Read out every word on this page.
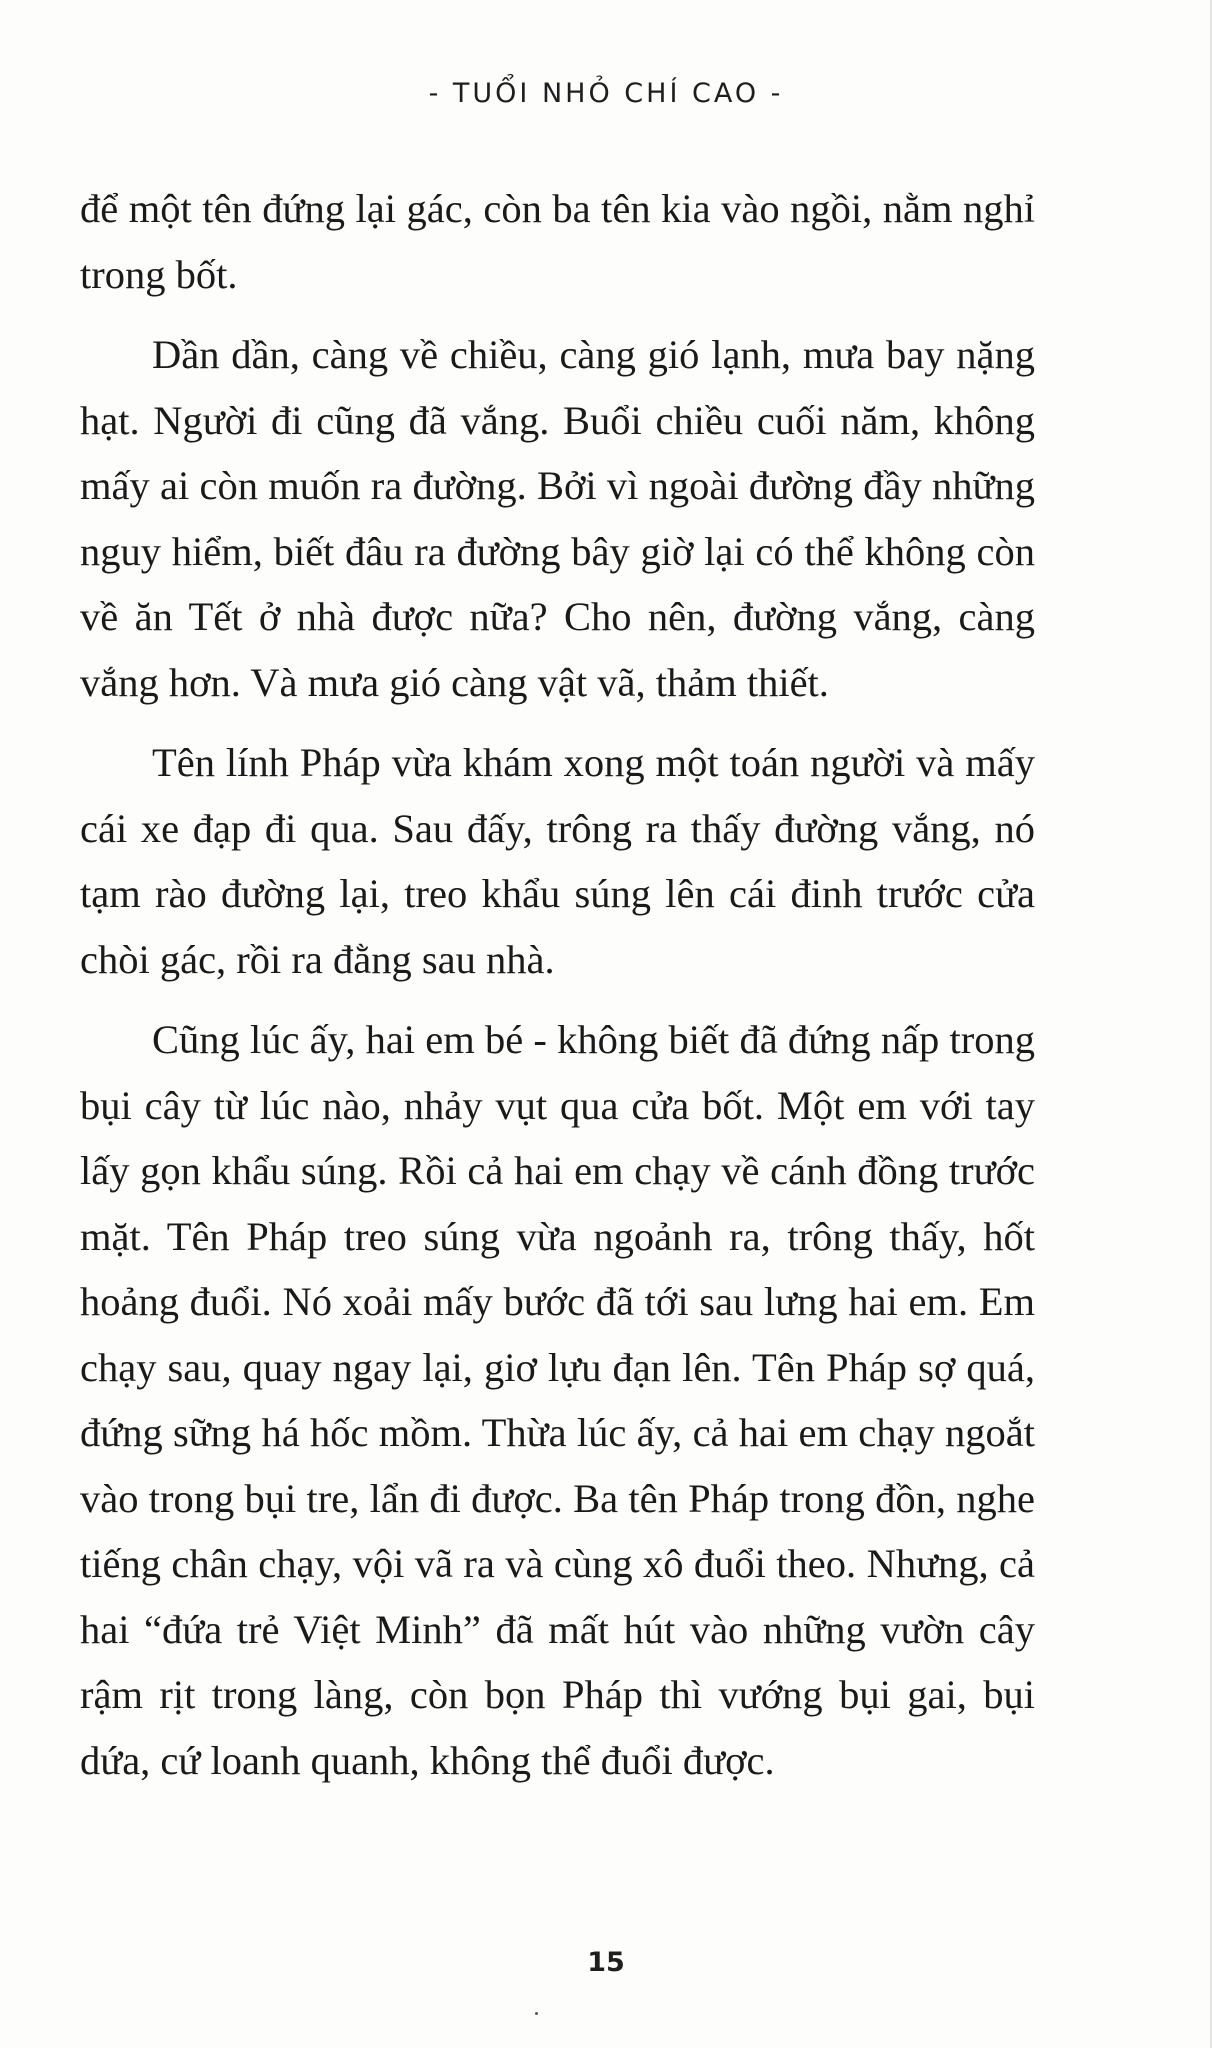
- TUỔI NHỎ CHÍ CAO -

để một tên đứng lại gác, còn ba tên kia vào ngồi, nằm nghỉ trong bốt.

Dần dần, càng về chiều, càng gió lạnh, mưa bay nặng hạt. Người đi cũng đã vắng. Buổi chiều cuối năm, không mấy ai còn muốn ra đường. Bởi vì ngoài đường đầy những nguy hiểm, biết đâu ra đường bây giờ lại có thể không còn về ăn Tết ở nhà được nữa? Cho nên, đường vắng, càng vắng hơn. Và mưa gió càng vật vã, thảm thiết.

Tên lính Pháp vừa khám xong một toán người và mấy cái xe đạp đi qua. Sau đấy, trông ra thấy đường vắng, nó tạm rào đường lại, treo khẩu súng lên cái đinh trước cửa chòi gác, rồi ra đằng sau nhà.

Cũng lúc ấy, hai em bé - không biết đã đứng nấp trong bụi cây từ lúc nào, nhảy vụt qua cửa bốt. Một em với tay lấy gọn khẩu súng. Rồi cả hai em chạy về cánh đồng trước mặt. Tên Pháp treo súng vừa ngoảnh ra, trông thấy, hốt hoảng đuổi. Nó xoải mấy bước đã tới sau lưng hai em. Em chạy sau, quay ngay lại, giơ lựu đạn lên. Tên Pháp sợ quá, đứng sững há hốc mồm. Thừa lúc ấy, cả hai em chạy ngoắt vào trong bụi tre, lẩn đi được. Ba tên Pháp trong đồn, nghe tiếng chân chạy, vội vã ra và cùng xô đuổi theo. Nhưng, cả hai “đứa trẻ Việt Minh” đã mất hút vào những vườn cây rậm rịt trong làng, còn bọn Pháp thì vướng bụi gai, bụi dứa, cứ loanh quanh, không thể đuổi được.

15
